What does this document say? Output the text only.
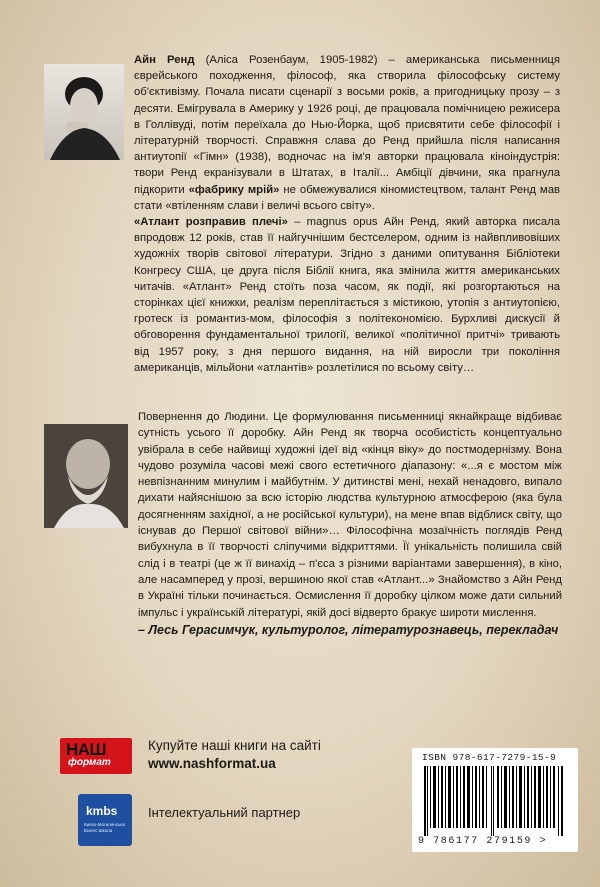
Айн Ренд (Аліса Розенбаум, 1905-1982) – американська письменниця єврейського походження, філософ, яка створила філософську систему об'єктивізму. Почала писати сценарії з восьми років, а пригодницьку прозу – з десяти. Емігрувала в Америку у 1926 році, де працювала помічницею режисера в Голлівуді, потім переїхала до Нью-Йорка, щоб присвятити себе філософії і літературній творчості. Справжня слава до Ренд прийшла після написання антиутопії «Гімн» (1938), водночас на ім'я авторки працювала кіноіндустрія: твори Ренд екранізували в Штатах, в Італії... Амбіції дівчини, яка прагнула підкорити «фабрику мрій» не обмежувалися кіномистецтвом, талант Ренд мав стати «втіленням слави і величі всього світу».

«Атлант розправив плечі» – magnus opus Айн Ренд, який авторка писала впродовж 12 років, став її найгучнішим бестселером, одним із найвпливовіших художніх творів світової літератури. Згідно з даними опитування Бібліотеки Конгресу США, це друга після Біблії книга, яка змінила життя американських читачів. «Атлант» Ренд стоїть поза часом, як події, які розгортаються на сторінках цієї книжки, реалізм переплітається з містикою, утопія з антиутопією, гротеск із романтиз-мом, філософія з політекономією. Бурхливі дискусії й обговорення фундаментальної трилогії, великої «політичної притчі» тривають від 1957 року, з дня першого видання, на ній виросли три покоління американців, мільйони «атлантів» розлетілися по всьому світу…

Повернення до Людини. Це формулювання письменниці якнайкраще відбиває сутність усього її доробку. Айн Ренд як творча особистість концептуально увібрала в себе найвищі художні ідеї від «кінця віку» до постмодернізму. Вона чудово розуміла часові межі свого естетичного діапазону: «...я є мостом між невпізнанним минулим і майбутнім. У дитинстві мені, нехай ненадовго, випало дихати найяснішою за всю історію людства культурною атмосферою (яка була досягненням західної, а не російської культури), на мене впав відблиск світу, що існував до Першої світової війни»… Філософічна мозаїчність поглядів Ренд вибухнула в її творчості сліпучими відкриттями. Її унікальність полишила свій слід і в театрі (це ж її винахід – п'єса з різними варіантами завершення), в кіно, але насамперед у прозі, вершиною якої став «Атлант...» Знайомство з Айн Ренд в Україні тільки починається. Осмислення її доробку цілком може дати сильний імпульс і українській літературі, якій досі відверто бракує широти мислення.

– Лесь Герасимчук, культуролог, літературознавець, перекладач
НАШ
формат
Купуйте наші книги на сайті
www.nashformat.ua
kmbs
Києво-Могилянська Бізнес Школа
Інтелектуальний партнер
ISBN 978-617-7279-15-9
9 786177 279159 >
